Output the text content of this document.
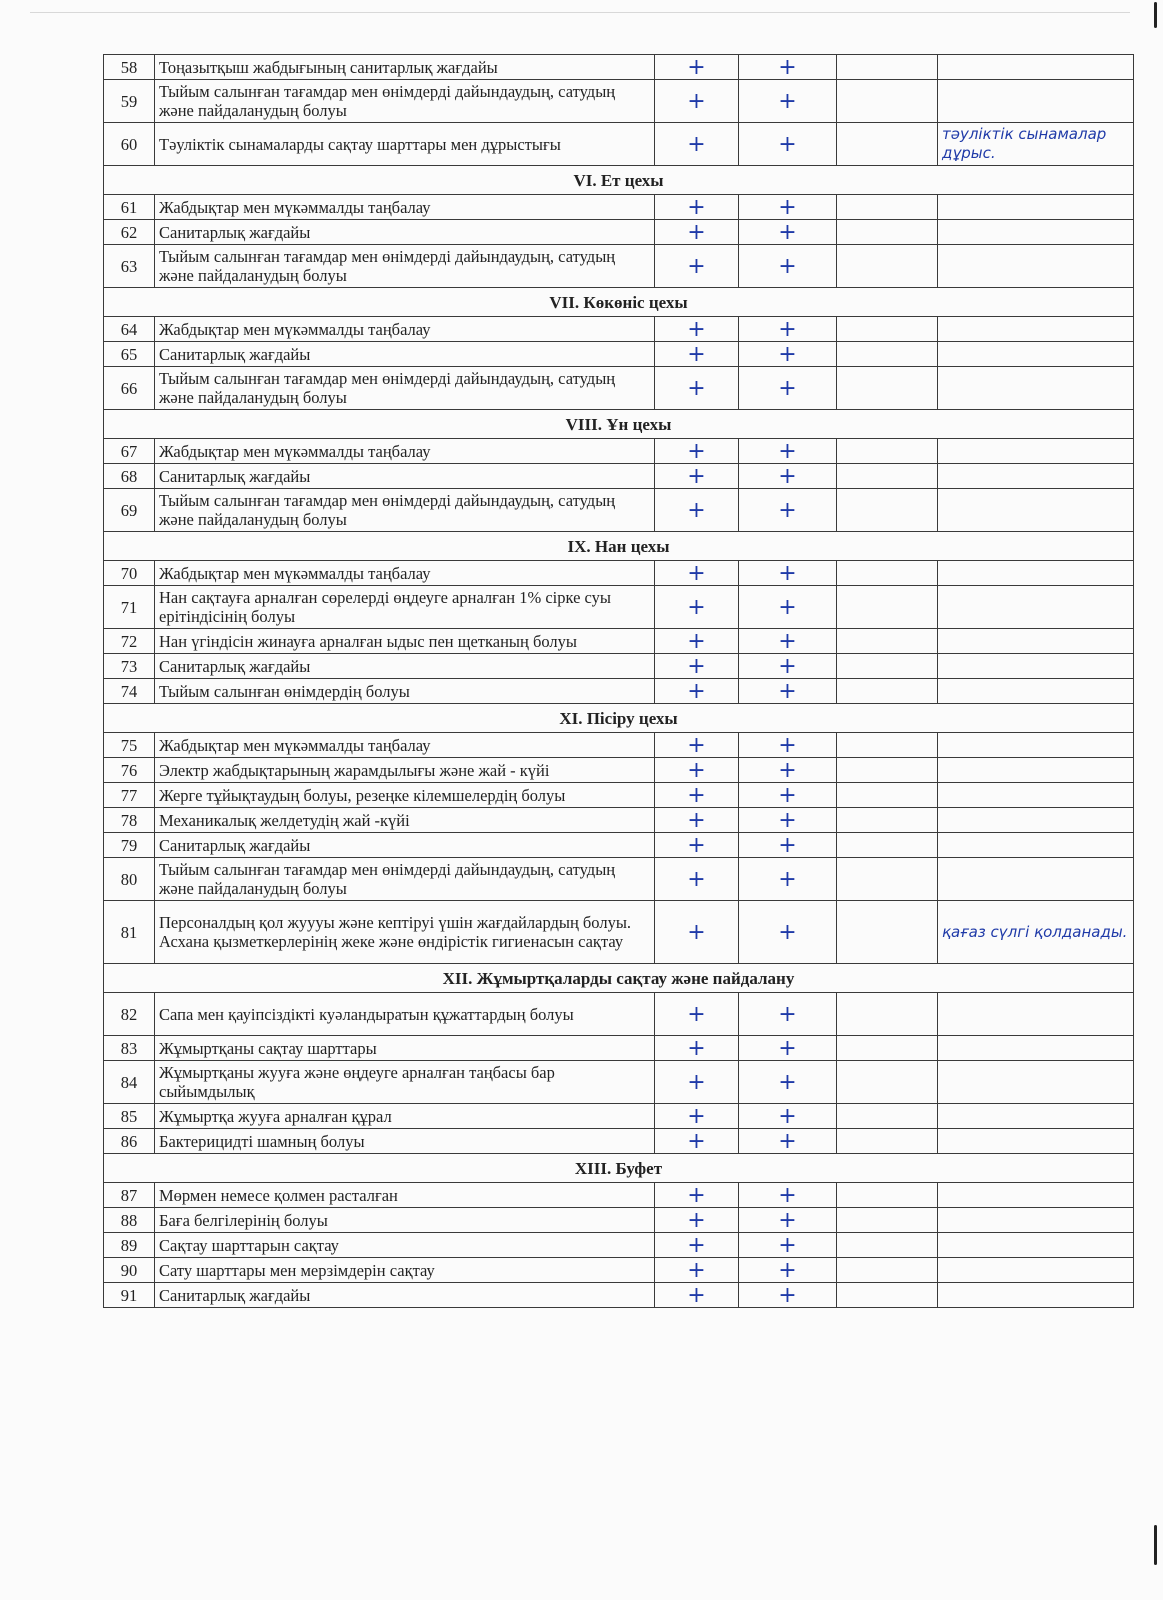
58	Тоңазытқыш жабдығының санитарлық жағдайы	+	+		
59	Тыйым салынған тағамдар мен өнімдерді дайындаудың, сатудың және пайдаланудың болуы	+	+		
60	Тәуліктік сынамаларды сақтау шарттары мен дұрыстығы	+	+		тәуліктік сынамалар дұрыс.
VI. Ет цехы					
61	Жабдықтар мен мүкәммалды таңбалау	+	+		
62	Санитарлық жағдайы	+	+		
63	Тыйым салынған тағамдар мен өнімдерді дайындаудың, сатудың және пайдаланудың болуы	+	+		
VII. Көкөніс цехы					
64	Жабдықтар мен мүкәммалды таңбалау	+	+		
65	Санитарлық жағдайы	+	+		
66	Тыйым салынған тағамдар мен өнімдерді дайындаудың, сатудың және пайдаланудың болуы	+	+		
VIII. Ұн цехы					
67	Жабдықтар мен мүкәммалды таңбалау	+	+		
68	Санитарлық жағдайы	+	+		
69	Тыйым салынған тағамдар мен өнімдерді дайындаудың, сатудың және пайдаланудың болуы	+	+		
IX. Нан цехы					
70	Жабдықтар мен мүкәммалды таңбалау	+	+		
71	Нан сақтауға арналған сөрелерді өңдеуге арналған 1% сірке суы ерітіндісінің болуы	+	+		
72	Нан үгіндісін жинауға арналған ыдыс пен щетканың болуы	+	+		
73	Санитарлық жағдайы	+	+		
74	Тыйым салынған өнімдердің болуы	+	+		
XI. Пісіру цехы					
75	Жабдықтар мен мүкәммалды таңбалау	+	+		
76	Электр жабдықтарының жарамдылығы және жай - күйі	+	+		
77	Жерге тұйықтаудың болуы, резеңке кілемшелердің болуы	+	+		
78	Механикалық желдетудің жай -күйі	+	+		
79	Санитарлық жағдайы	+	+		
80	Тыйым салынған тағамдар мен өнімдерді дайындаудың, сатудың және пайдаланудың болуы	+	+		
81	Персоналдың қол жуууы және кептіруі үшін жағдайлардың болуы. Асхана қызметкерлерінің жеке және өндірістік гигиенасын сақтау	+	+		қағаз сүлгі қолданады.
XII. Жұмыртқаларды сақтау және пайдалану					
82	Сапа мен қауіпсіздікті куәландыратын құжаттардың болуы	+	+		
83	Жұмыртқаны сақтау шарттары	+	+		
84	Жұмыртқаны жууға және өңдеуге арналған таңбасы бар сыйымдылық	+	+		
85	Жұмыртқа жууға арналған құрал	+	+		
86	Бактерицидті шамның болуы	+	+		
XIII. Буфет					
87	Мөрмен немесе қолмен расталған	+	+		
88	Баға белгілерінің болуы	+	+		
89	Сақтау шарттарын сақтау	+	+		
90	Сату шарттары мен мерзімдерін сақтау	+	+		
91	Санитарлық жағдайы	+	+		
